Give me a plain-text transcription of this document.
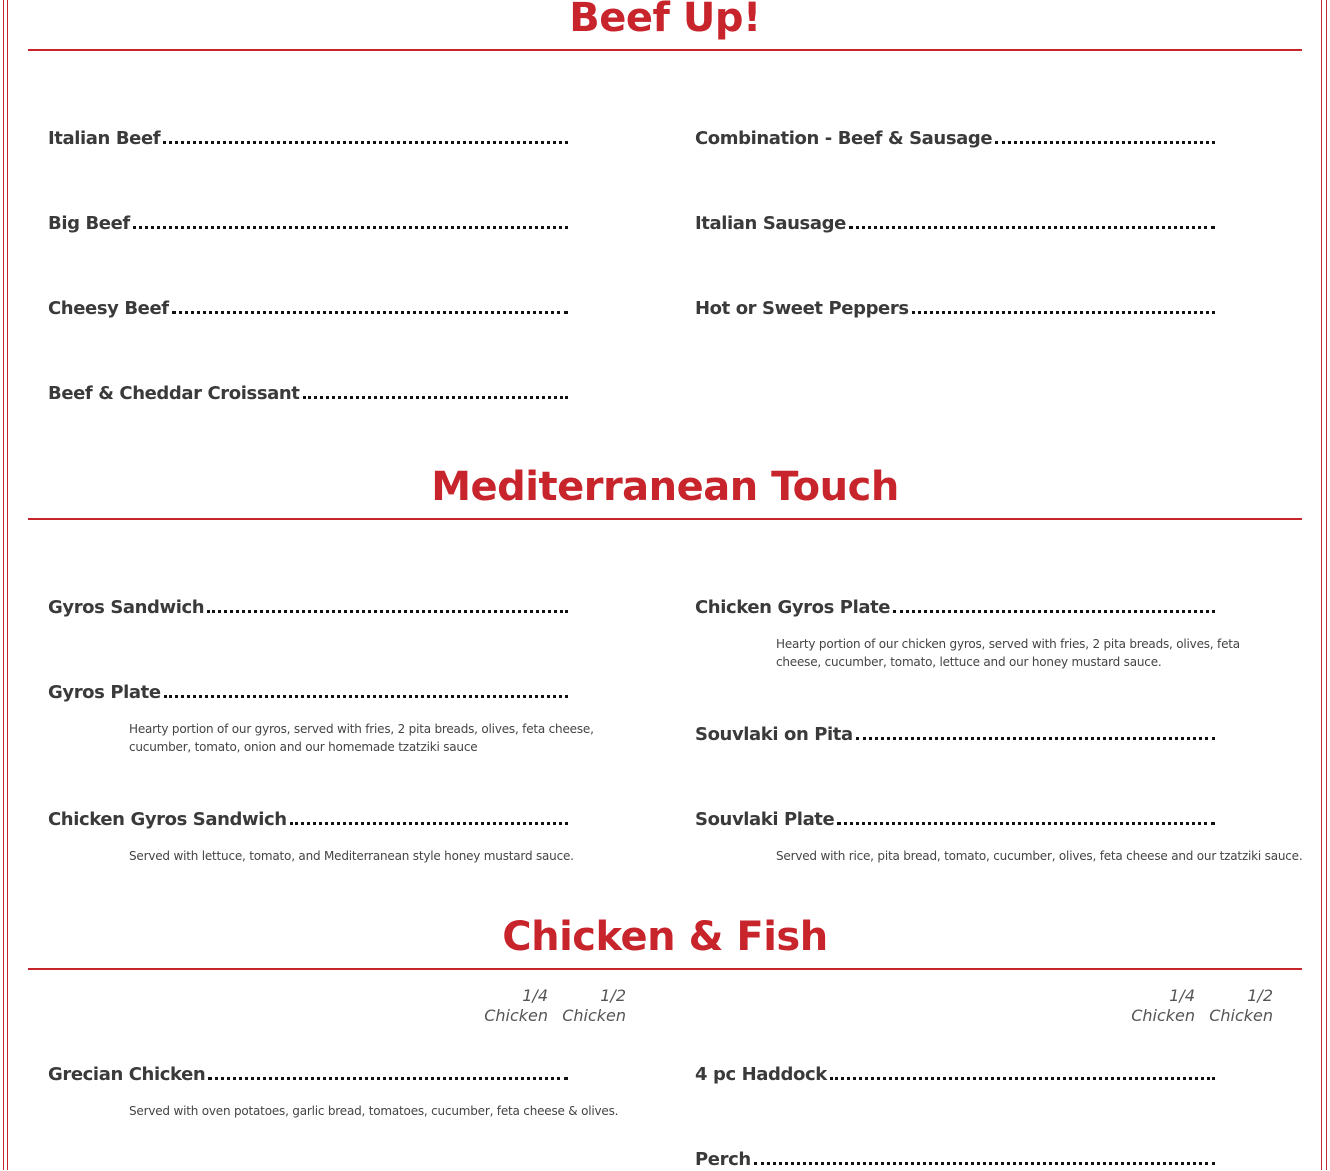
Beef Up!
Italian Beef
Big Beef
Cheesy Beef
Beef & Cheddar Croissant
Combination - Beef & Sausage
Italian Sausage
Hot or Sweet Peppers
Mediterranean Touch
Gyros Sandwich
Gyros Plate
Hearty portion of our gyros, served with fries, 2 pita breads, olives, feta cheese, cucumber, tomato, onion and our homemade tzatziki sauce
Chicken Gyros Sandwich
Served with lettuce, tomato, and Mediterranean style honey mustard sauce.
Chicken Gyros Plate
Hearty portion of our chicken gyros, served with fries, 2 pita breads, olives, feta cheese, cucumber, tomato, lettuce and our honey mustard sauce.
Souvlaki on Pita
Souvlaki Plate
Served with rice, pita bread, tomato, cucumber, olives, feta cheese and our tzatziki sauce.
Chicken & Fish
1/4
Chicken
1/2
Chicken
1/4
Chicken
1/2
Chicken
Grecian Chicken
Served with oven potatoes, garlic bread, tomatoes, cucumber, feta cheese & olives.
4 pc Haddock
Perch
